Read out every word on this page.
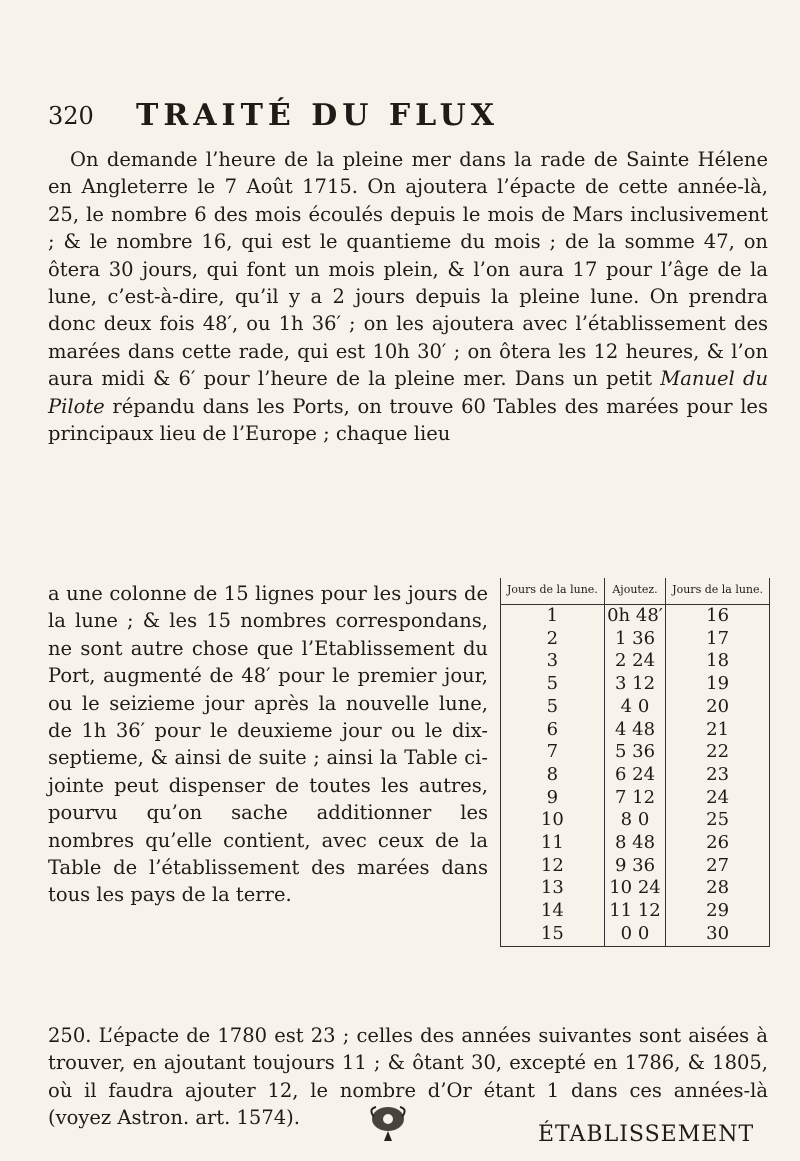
320 TRAITÉ DU FLUX
On demande l’heure de la pleine mer dans la rade de Sainte Hélene en Angleterre le 7 Août 1715. On ajoutera l’épacte de cette année-là, 25, le nombre 6 des mois écoulés depuis le mois de Mars inclusivement ; & le nombre 16, qui est le quantieme du mois ; de la somme 47, on ôtera 30 jours, qui font un mois plein, & l’on aura 17 pour l’âge de la lune, c’est-à-dire, qu’il y a 2 jours depuis la pleine lune. On prendra donc deux fois 48′, ou 1h 36′ ; on les ajoutera avec l’établissement des marées dans cette rade, qui est 10h 30′ ; on ôtera les 12 heures, & l’on aura midi & 6′ pour l’heure de la pleine mer. Dans un petit Manuel du Pilote répandu dans les Ports, on trouve 60 Tables des marées pour les principaux lieu de l’Europe ; chaque lieu
a une colonne de 15 lignes pour les jours de la lune ; & les 15 nombres correspondans, ne sont autre chose que l’Etablissement du Port, augmenté de 48′ pour le premier jour, ou le seizieme jour après la nouvelle lune, de 1h 36′ pour le deuxieme jour ou le dix-septieme, & ainsi de suite ; ainsi la Table ci-jointe peut dispenser de toutes les autres, pourvu qu’on sache additionner les nombres qu’elle contient, avec ceux de la Table de l’établissement des marées dans tous les pays de la terre.
Jours de la lune.	Ajoutez.	Jours de la lune.
1	0h 48′	16
2	1 36	17
3	2 24	18
5	3 12	19
5	4 0	20
6	4 48	21
7	5 36	22
8	6 24	23
9	7 12	24
10	8 0	25
11	8 48	26
12	9 36	27
13	10 24	28
14	11 12	29
15	0 0	30
250. L’épacte de 1780 est 23 ; celles des années suivantes sont aisées à trouver, en ajoutant toujours 11 ; & ôtant 30, excepté en 1786, & 1805, où il faudra ajouter 12, le nombre d’Or étant 1 dans ces années-là (voyez Astron. art. 1574).
ÉTABLISSEMENT
